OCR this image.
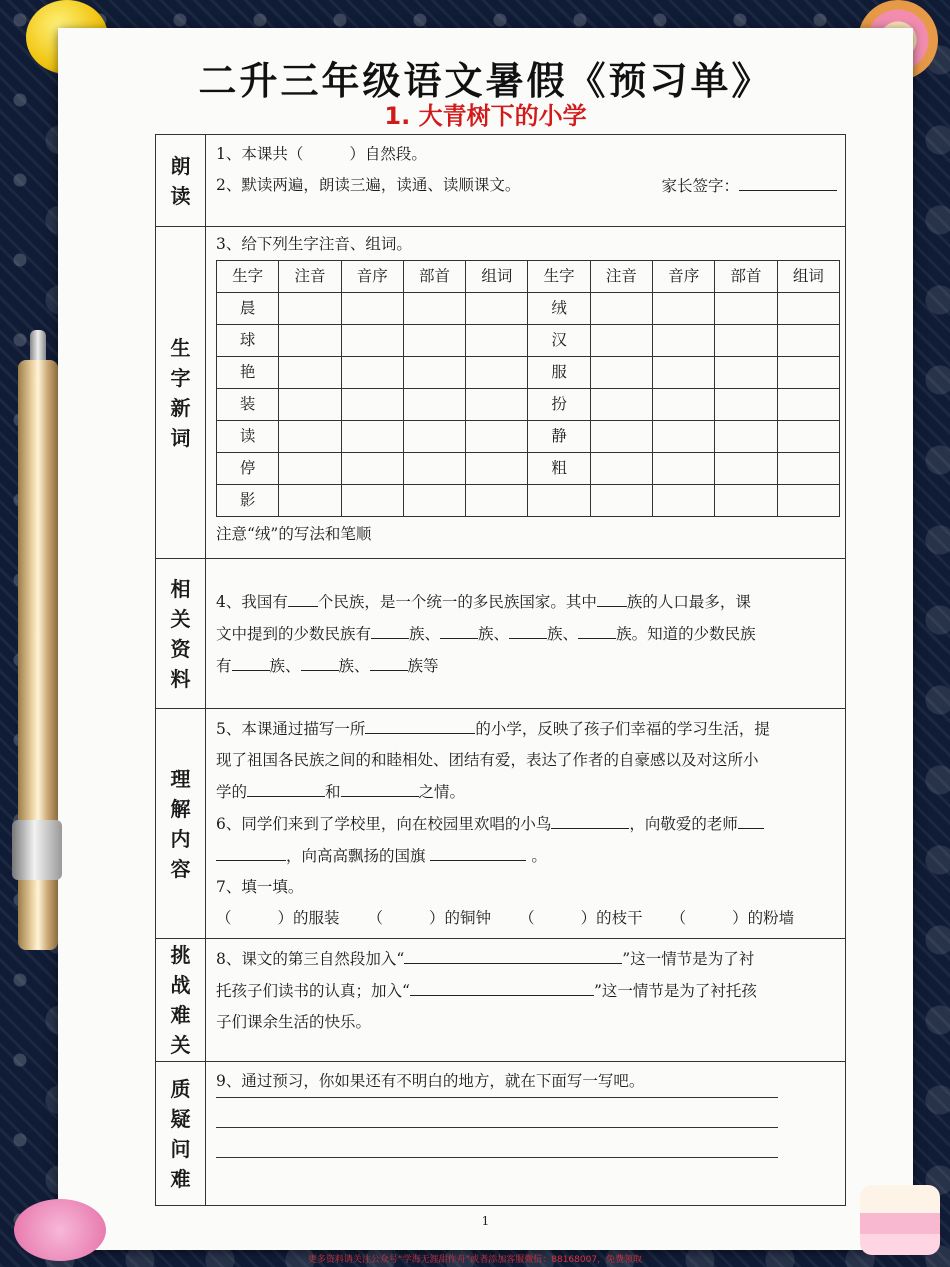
二升三年级语文暑假《预习单》
1. 大青树下的小学
朗
读

1、本课共（	）自然段。
2、默读两遍，朗读三遍，读通、读顺课文。	家长签字：

生
字
新
词

3、给下列生字注音、组词。
生字	注音	音序	部首	组词	生字	注音	音序	部首	组词
晨					绒				
球					汉				
艳					服				
装					扮				
读					静				
停					粗				
影									
注意“绒”的写法和笔顺

相
关
资
料

4、我国有 个民族，是一个统一的多民族国家。其中 族的人口最多，课
文中提到的少数民族有 族、 族、 族、 族。知道的少数民族
有 族、 族、 族等

理
解
内
容

5、本课通过描写一所	的小学，反映了孩子们幸福的学习生活，提
现了祖国各民族之间的和睦相处、团结有爱，表达了作者的自豪感以及对这所小
学的	和	之情。
6、同学们来到了学校里，向在校园里欢唱的小鸟	，向敬爱的老师
，向高高飘扬的国旗	。
7、填一填。
（	）的服装 （	）的铜钟 （	）的枝干 （	）的粉墙

挑
战
难
关

8、课文的第三自然段加入“	”这一情节是为了衬
托孩子们读书的认真；加入“	”这一情节是为了衬托孩
子们课余生活的快乐。

质
疑
问
难

9、通过预习，你如果还有不明白的地方，就在下面写一写吧。
1
更多资料请关注公众号“学海无涯甜作舟”或者添加客服微信：88168007，免费领取
